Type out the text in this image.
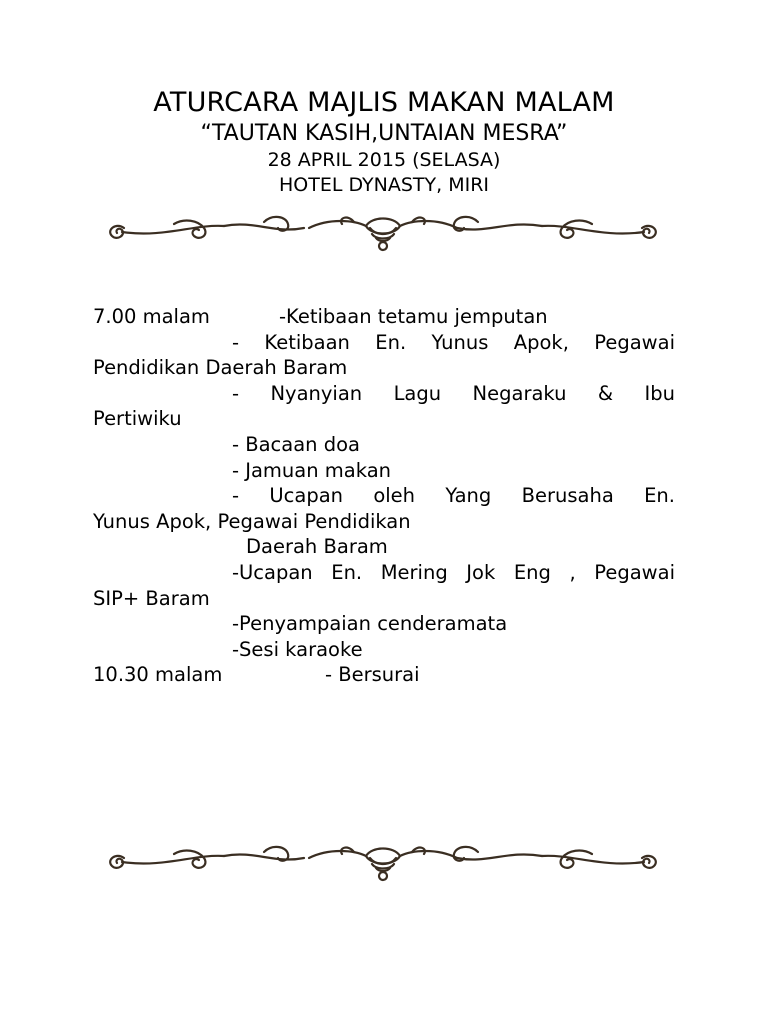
ATURCARA MAJLIS MAKAN MALAM
“TAUTAN KASIH,UNTAIAN MESRA”
28 APRIL 2015 (SELASA)
HOTEL DYNASTY, MIRI
7.00 malam	-Ketibaan tetamu jemputan
- Ketibaan En. Yunus Apok, Pegawai
Pendidikan Daerah Baram
- Nyanyian Lagu Negaraku & Ibu
Pertiwiku
- Bacaan doa
- Jamuan makan
- Ucapan oleh Yang Berusaha En.
Yunus Apok, Pegawai Pendidikan
Daerah Baram
-Ucapan En. Mering Jok Eng , Pegawai
SIP+ Baram
-Penyampaian cenderamata
-Sesi karaoke
10.30 malam	- Bersurai
